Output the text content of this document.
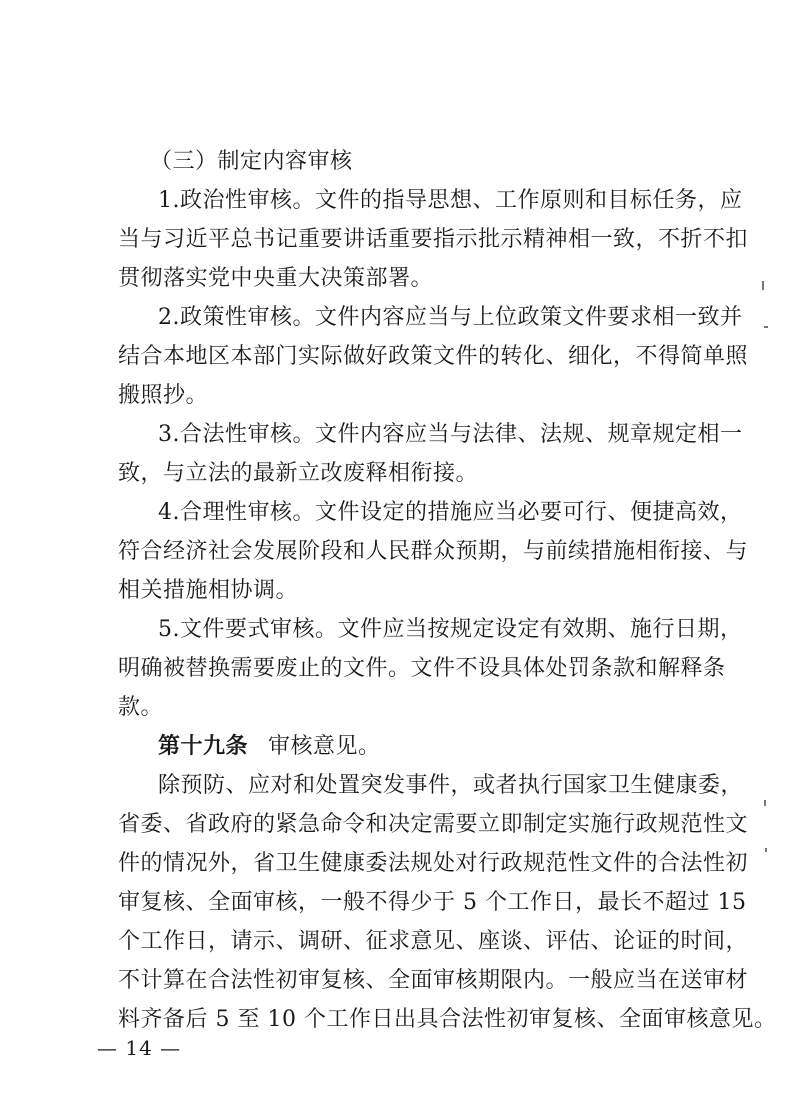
（三）制定内容审核
1.政治性审核。文件的指导思想、工作原则和目标任务，应
当与习近平总书记重要讲话重要指示批示精神相一致，不折不扣
贯彻落实党中央重大决策部署。
2.政策性审核。文件内容应当与上位政策文件要求相一致并
结合本地区本部门实际做好政策文件的转化、细化，不得简单照
搬照抄。
3.合法性审核。文件内容应当与法律、法规、规章规定相一
致，与立法的最新立改废释相衔接。
4.合理性审核。文件设定的措施应当必要可行、便捷高效，
符合经济社会发展阶段和人民群众预期，与前续措施相衔接、与
相关措施相协调。
5.文件要式审核。文件应当按规定设定有效期、施行日期，
明确被替换需要废止的文件。文件不设具体处罚条款和解释条
款。
第十九条 审核意见。
除预防、应对和处置突发事件，或者执行国家卫生健康委，
省委、省政府的紧急命令和决定需要立即制定实施行政规范性文
件的情况外，省卫生健康委法规处对行政规范性文件的合法性初
审复核、全面审核，一般不得少于 5 个工作日，最长不超过 15
个工作日，请示、调研、征求意见、座谈、评估、论证的时间，
不计算在合法性初审复核、全面审核期限内。一般应当在送审材
料齐备后 5 至 10 个工作日出具合法性初审复核、全面审核意见。
— 14 —
